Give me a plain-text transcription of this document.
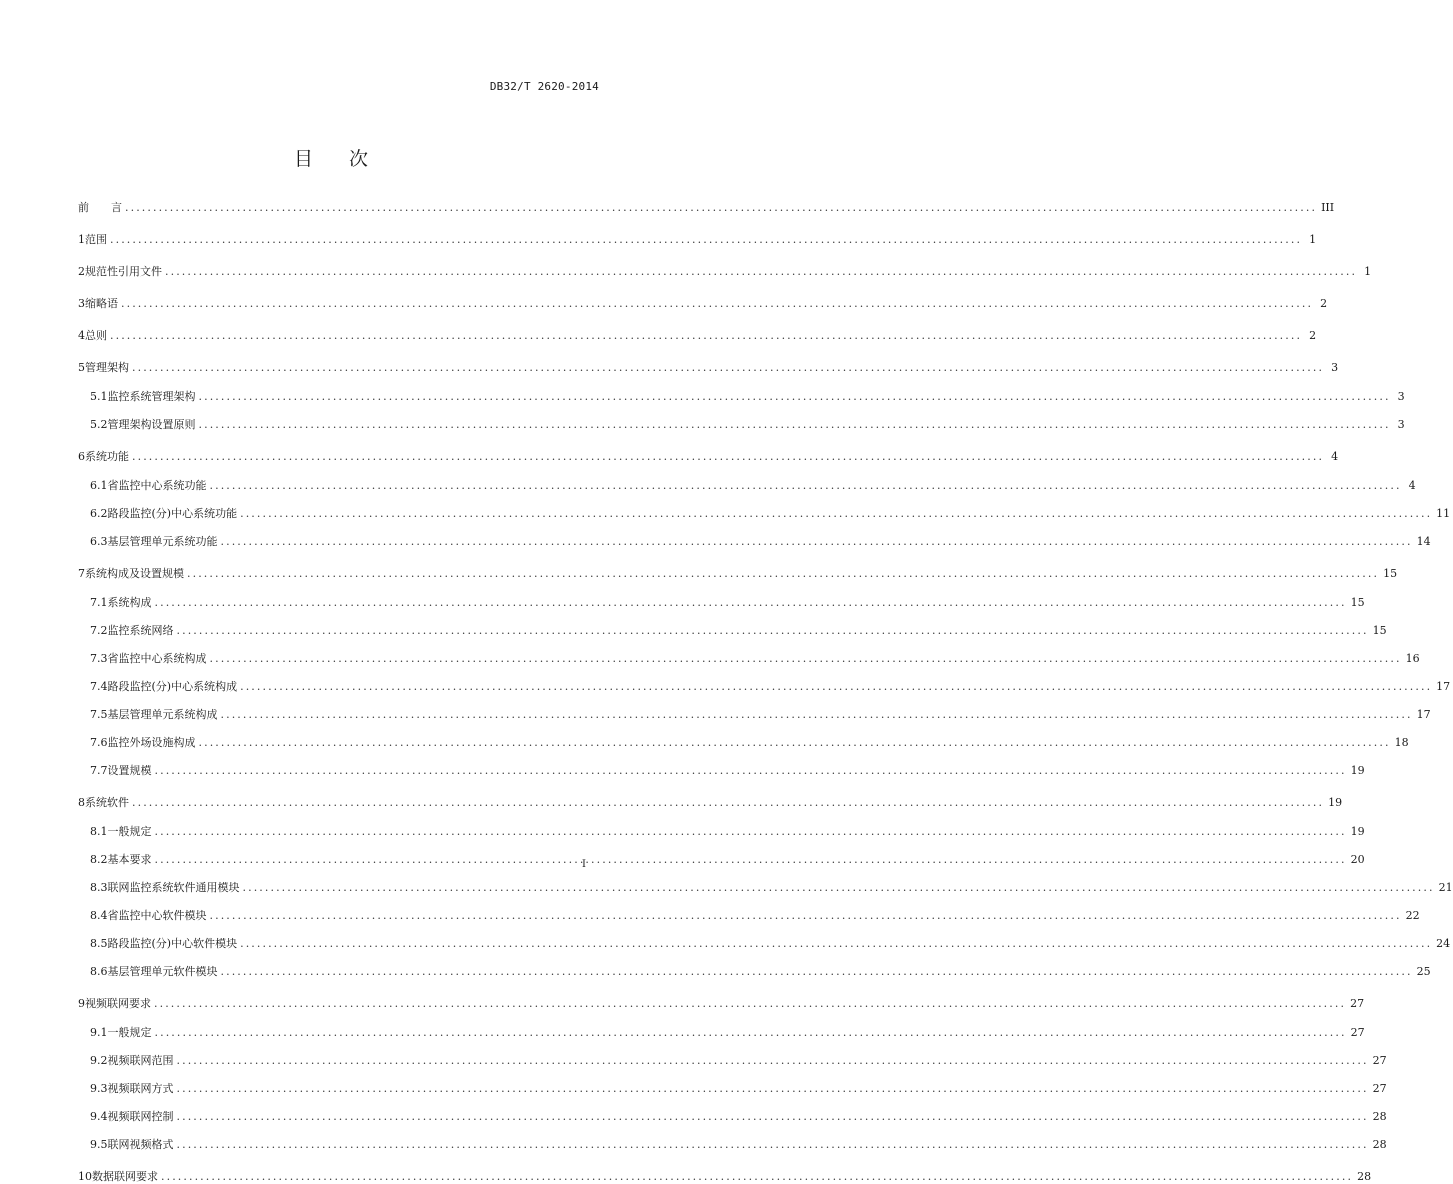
DB32/T 2620-2014
目 次
前　　言 .....	III
1 范围 .....	1
2 规范性引用文件 .....	1
3 缩略语 .....	2
4 总则 .....	2
5 管理架构 .....	3
5.1 监控系统管理架构 .....	3
5.2 管理架构设置原则 .....	3
6 系统功能 .....	4
6.1 省监控中心系统功能 .....	4
6.2 路段监控(分)中心系统功能 .....	11
6.3 基层管理单元系统功能 .....	14
7 系统构成及设置规模 .....	15
7.1 系统构成 .....	15
7.2 监控系统网络 .....	15
7.3 省监控中心系统构成 .....	16
7.4 路段监控(分)中心系统构成 .....	17
7.5 基层管理单元系统构成 .....	17
7.6 监控外场设施构成 .....	18
7.7 设置规模 .....	19
8 系统软件 .....	19
8.1 一般规定 .....	19
8.2 基本要求 .....	20
8.3 联网监控系统软件通用模块 .....	21
8.4 省监控中心软件模块 .....	22
8.5 路段监控(分)中心软件模块 .....	24
8.6 基层管理单元软件模块 .....	25
9 视频联网要求 .....	27
9.1 一般规定 .....	27
9.2 视频联网范围 .....	27
9.3 视频联网方式 .....	27
9.4 视频联网控制 .....	28
9.5 联网视频格式 .....	28
10 数据联网要求 .....	28
I
